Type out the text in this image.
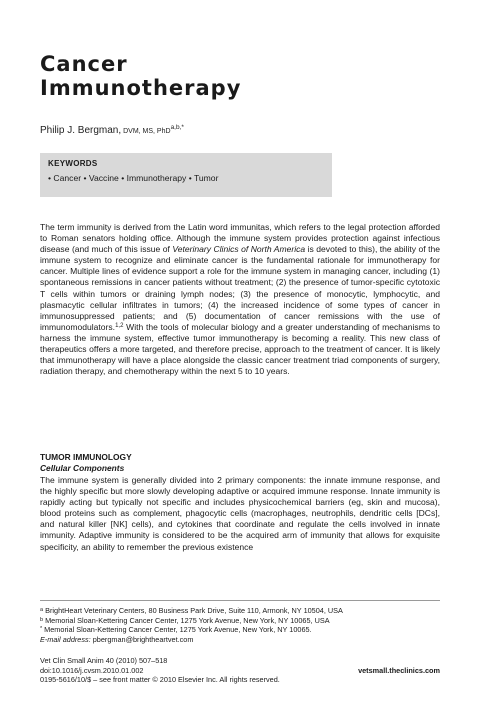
Cancer
Immunotherapy
Philip J. Bergman, DVM, MS, PhD$^{a,b,*}$
KEYWORDS
• Cancer • Vaccine • Immunotherapy • Tumor

The term immunity is derived from the Latin word immunitas, which refers to the legal protection afforded to Roman senators holding office. Although the immune system provides protection against infectious disease (and much of this issue of Veterinary Clinics of North America is devoted to this), the ability of the immune system to recognize and eliminate cancer is the fundamental rationale for immunotherapy for cancer. Multiple lines of evidence support a role for the immune system in managing cancer, including (1) spontaneous remissions in cancer patients without treatment; (2) the presence of tumor-specific cytotoxic T cells within tumors or draining lymph nodes; (3) the presence of monocytic, lymphocytic, and plasmacytic cellular infiltrates in tumors; (4) the increased incidence of some types of cancer in immunosuppressed patients; and (5) documentation of cancer remissions with the use of immunomodulators.$^{1,2}$ With the tools of molecular biology and a greater understanding of mechanisms to harness the immune system, effective tumor immunotherapy is becoming a reality. This new class of therapeutics offers a more targeted, and therefore precise, approach to the treatment of cancer. It is likely that immunotherapy will have a place alongside the classic cancer treatment triad components of surgery, radiation therapy, and chemotherapy within the next 5 to 10 years.

TUMOR IMMUNOLOGY
Cellular Components

The immune system is generally divided into 2 primary components: the innate immune response, and the highly specific but more slowly developing adaptive or acquired immune response. Innate immunity is rapidly acting but typically not specific and includes physicochemical barriers (eg, skin and mucosa), blood proteins such as complement, phagocytic cells (macrophages, neutrophils, dendritic cells [DCs], and natural killer [NK] cells), and cytokines that coordinate and regulate the cells involved in innate immunity. Adaptive immunity is considered to be the acquired arm of immunity that allows for exquisite specificity, an ability to remember the previous existence

$^a$ BrightHeart Veterinary Centers, 80 Business Park Drive, Suite 110, Armonk, NY 10504, USA
$^b$ Memorial Sloan-Kettering Cancer Center, 1275 York Avenue, New York, NY 10065, USA
* Memorial Sloan-Kettering Cancer Center, 1275 York Avenue, New York, NY 10065.
E-mail address: pbergman@brightheartvet.com
Vet Clin Small Anim 40 (2010) 507–518
doi:10.1016/j.cvsm.2010.01.002	vetsmall.theclinics.com
0195-5616/10/$ – see front matter © 2010 Elsevier Inc. All rights reserved.
